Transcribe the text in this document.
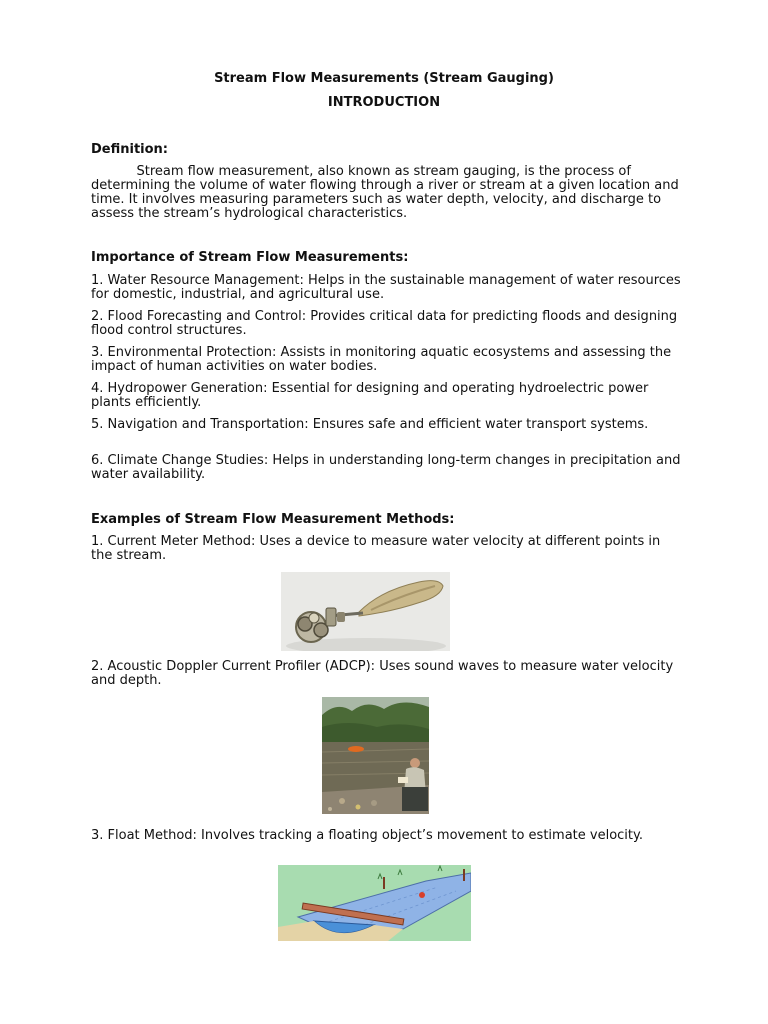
Stream Flow Measurements (Stream Gauging)

INTRODUCTION

Definition:

Stream flow measurement, also known as stream gauging, is the process of determining the volume of water flowing through a river or stream at a given location and time. It involves measuring parameters such as water depth, velocity, and discharge to assess the stream’s hydrological characteristics.

Importance of Stream Flow Measurements:

1. Water Resource Management: Helps in the sustainable management of water resources for domestic, industrial, and agricultural use.

2. Flood Forecasting and Control: Provides critical data for predicting floods and designing flood control structures.

3. Environmental Protection: Assists in monitoring aquatic ecosystems and assessing the impact of human activities on water bodies.

4. Hydropower Generation: Essential for designing and operating hydroelectric power plants efficiently.

5. Navigation and Transportation: Ensures safe and efficient water transport systems.

6. Climate Change Studies: Helps in understanding long-term changes in precipitation and water availability.

Examples of Stream Flow Measurement Methods:

1. Current Meter Method: Uses a device to measure water velocity at different points in the stream.

2. Acoustic Doppler Current Profiler (ADCP): Uses sound waves to measure water velocity and depth.

3. Float Method: Involves tracking a floating object’s movement to estimate velocity.
